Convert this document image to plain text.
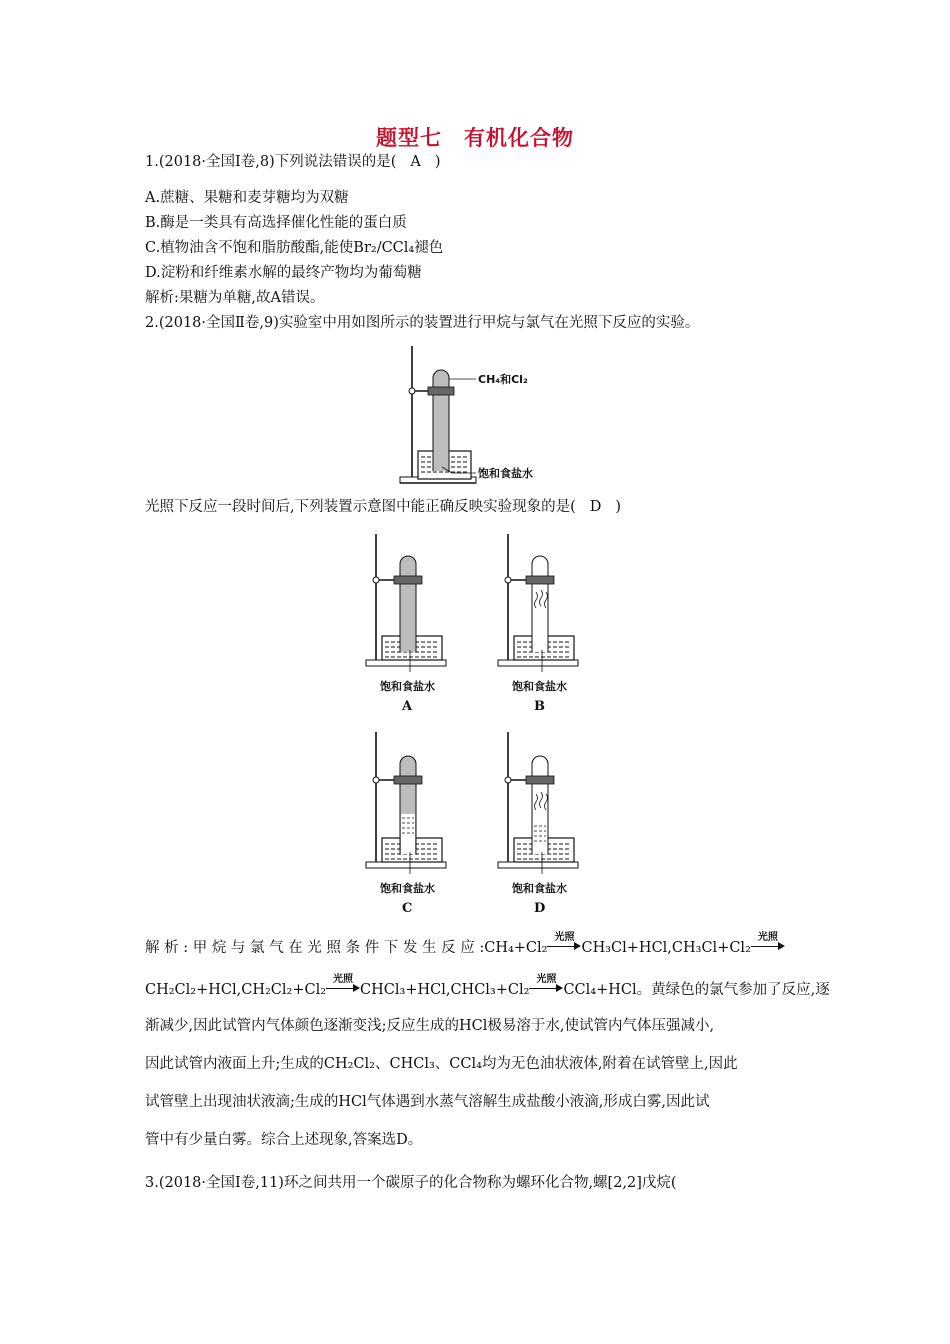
题型七　有机化合物
1.(2018·全国Ⅰ卷,8)下列说法错误的是( A )
A.蔗糖、果糖和麦芽糖均为双糖
B.酶是一类具有高选择催化性能的蛋白质
C.植物油含不饱和脂肪酸酯,能使Br₂/CCl₄褪色
D.淀粉和纤维素水解的最终产物均为葡萄糖
解析:果糖为单糖,故A错误。
2.(2018·全国Ⅱ卷,9)实验室中用如图所示的装置进行甲烷与氯气在光照下反应的实验。
CH₄和Cl₂
饱和食盐水
光照下反应一段时间后,下列装置示意图中能正确反映实验现象的是( D )
饱和食盐水
A
饱和食盐水
B
饱和食盐水
C
饱和食盐水
D
解 析 : 甲 烷 与 氯 气 在 光 照 条 件 下 发 生 反 应 :CH₄+Cl₂
光照
CH₃Cl+HCl,CH₃Cl+Cl₂
光照
CH₂Cl₂+HCl,CH₂Cl₂+Cl₂
光照
CHCl₃+HCl,CHCl₃+Cl₂
光照
CCl₄+HCl。黄绿色的氯气参加了反应,逐
渐减少,因此试管内气体颜色逐渐变浅;反应生成的HCl极易溶于水,使试管内气体压强减小,
因此试管内液面上升;生成的CH₂Cl₂、CHCl₃、CCl₄均为无色油状液体,附着在试管壁上,因此
试管壁上出现油状液滴;生成的HCl气体遇到水蒸气溶解生成盐酸小液滴,形成白雾,因此试
管中有少量白雾。综合上述现象,答案选D。
3.(2018·全国Ⅰ卷,11)环之间共用一个碳原子的化合物称为螺环化合物,螺[2,2]戊烷(
